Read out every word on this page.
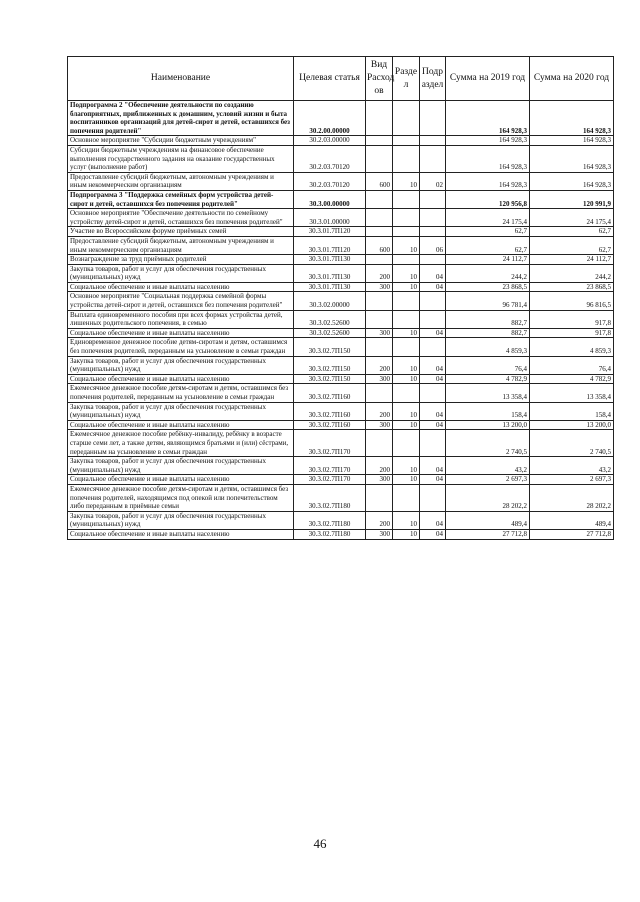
Наименование	Целевая статья	Вид Расход ов	Разде л	Подр аздел	Сумма на 2019 год	Сумма на 2020 год
Подпрограмма 2 "Обеспечение деятельности по созданию благоприятных, приближенных к домашним, условий жизни и быта воспитанников организаций для детей-сирот и детей, оставшихся без попечения родителей"	30.2.00.00000				164 928,3	164 928,3
Основное мероприятие "Субсидии бюджетным учреждениям"	30.2.03.00000				164 928,3	164 928,3
Субсидии бюджетным учреждениям на финансовое обеспечение выполнения государственного задания на оказание государственных услуг (выполнение работ)	30.2.03.70120				164 928,3	164 928,3
Предоставление субсидий бюджетным, автономным учреждениям и иным некоммерческим организациям	30.2.03.70120	600	10	02	164 928,3	164 928,3
Подпрограмма 3 "Поддержка семейных форм устройства детей-сирот и детей, оставшихся без попечения родителей"	30.3.00.00000				120 956,8	120 991,9
Основное мероприятие "Обеспечение деятельности по семейному устройству детей-сирот и детей, оставшихся без попечения родителей"	30.3.01.00000				24 175,4	24 175,4
Участие во Всероссийском форуме приёмных семей	30.3.01.7П120				62,7	62,7
Предоставление субсидий бюджетным, автономным учреждениям и иным некоммерческим организациям	30.3.01.7П120	600	10	06	62,7	62,7
Вознаграждение за труд приёмных родителей	30.3.01.7П130				24 112,7	24 112,7
Закупка товаров, работ и услуг для обеспечения государственных (муниципальных) нужд	30.3.01.7П130	200	10	04	244,2	244,2
Социальное обеспечение и иные выплаты населению	30.3.01.7П130	300	10	04	23 868,5	23 868,5
Основное мероприятие "Социальная поддержка семейной формы устройства детей-сирот и детей, оставшихся без попечения родителей"	30.3.02.00000				96 781,4	96 816,5
Выплата единовременного пособия при всех формах устройства детей, лишенных родительского попечения, в семью	30.3.02.52600				882,7	917,8
Социальное обеспечение и иные выплаты населению	30.3.02.52600	300	10	04	882,7	917,8
Единовременное денежное пособие детям-сиротам и детям, оставшимся без попечения родителей, переданным на усыновление в семьи граждан	30.3.02.7П150				4 859,3	4 859,3
Закупка товаров, работ и услуг для обеспечения государственных (муниципальных) нужд	30.3.02.7П150	200	10	04	76,4	76,4
Социальное обеспечение и иные выплаты населению	30.3.02.7П150	300	10	04	4 782,9	4 782,9
Ежемесячное денежное пособие детям-сиротам и детям, оставшимся без попечения родителей, переданным на усыновление в семьи граждан	30.3.02.7П160				13 358,4	13 358,4
Закупка товаров, работ и услуг для обеспечения государственных (муниципальных) нужд	30.3.02.7П160	200	10	04	158,4	158,4
Социальное обеспечение и иные выплаты населению	30.3.02.7П160	300	10	04	13 200,0	13 200,0
Ежемесячное денежное пособие ребёнку-инвалиду, ребёнку в возрасте старше семи лет, а также детям, являющимся братьями и (или) сёстрами, переданным на усыновление в семьи граждан	30.3.02.7П170				2 740,5	2 740,5
Закупка товаров, работ и услуг для обеспечения государственных (муниципальных) нужд	30.3.02.7П170	200	10	04	43,2	43,2
Социальное обеспечение и иные выплаты населению	30.3.02.7П170	300	10	04	2 697,3	2 697,3
Ежемесячное денежное пособие детям-сиротам и детям, оставшимся без попечения родителей, находящимся под опекой или попечительством либо переданным в приёмные семьи	30.3.02.7П180				28 202,2	28 202,2
Закупка товаров, работ и услуг для обеспечения государственных (муниципальных) нужд	30.3.02.7П180	200	10	04	489,4	489,4
Социальное обеспечение и иные выплаты населению	30.3.02.7П180	300	10	04	27 712,8	27 712,8
46
